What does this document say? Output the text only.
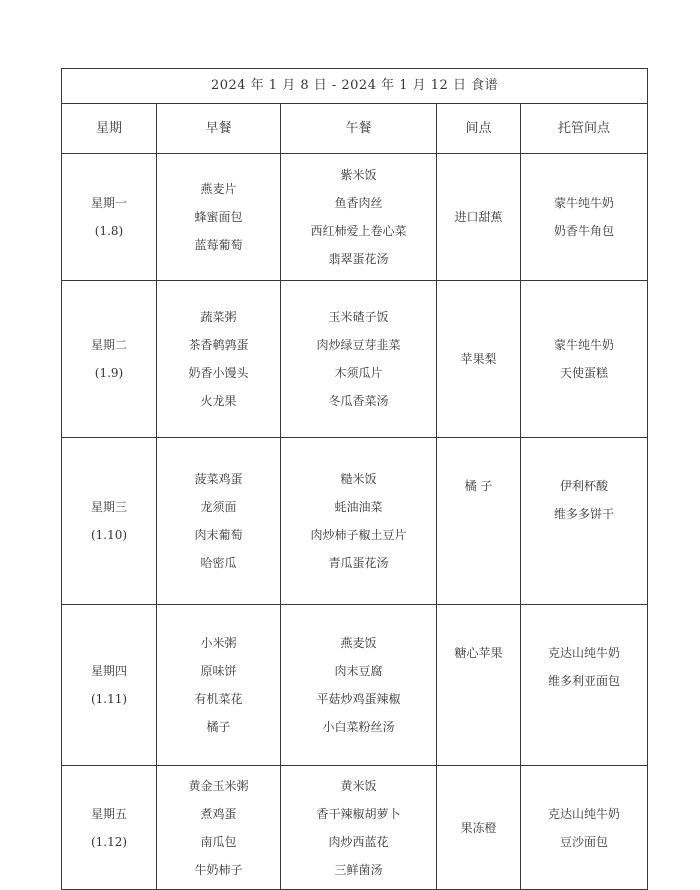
2024 年 1 月 8 日 - 2024 年 1 月 12 日 食谱				
星期	早餐	午餐	间点	托管间点

星期一
(1.8)	燕麦片
蜂蜜面包
蓝莓葡萄	紫米饭
鱼香肉丝
西红柿爱上卷心菜
翡翠蛋花汤	进口甜蕉	蒙牛纯牛奶
奶香牛角包

星期二
(1.9)	蔬菜粥
茶香鹌鹑蛋
奶香小馒头
火龙果	玉米碴子饭
肉炒绿豆芽韭菜
木须瓜片
冬瓜香菜汤	苹果梨	蒙牛纯牛奶
天使蛋糕

星期三
(1.10)	菠菜鸡蛋
龙须面
肉末葡萄
哈密瓜	糙米饭
蚝油油菜
肉炒柿子椒土豆片
青瓜蛋花汤	橘 子	伊利杯酸
维多多饼干

星期四
(1.11)	小米粥
原味饼
有机菜花
橘子	燕麦饭
肉末豆腐
平菇炒鸡蛋辣椒
小白菜粉丝汤	糖心苹果	克达山纯牛奶
维多利亚面包

星期五
(1.12)	黄金玉米粥
煮鸡蛋
南瓜包
牛奶柿子	黄米饭
香干辣椒胡萝卜
肉炒西蓝花
三鲜菌汤	果冻橙	克达山纯牛奶
豆沙面包
